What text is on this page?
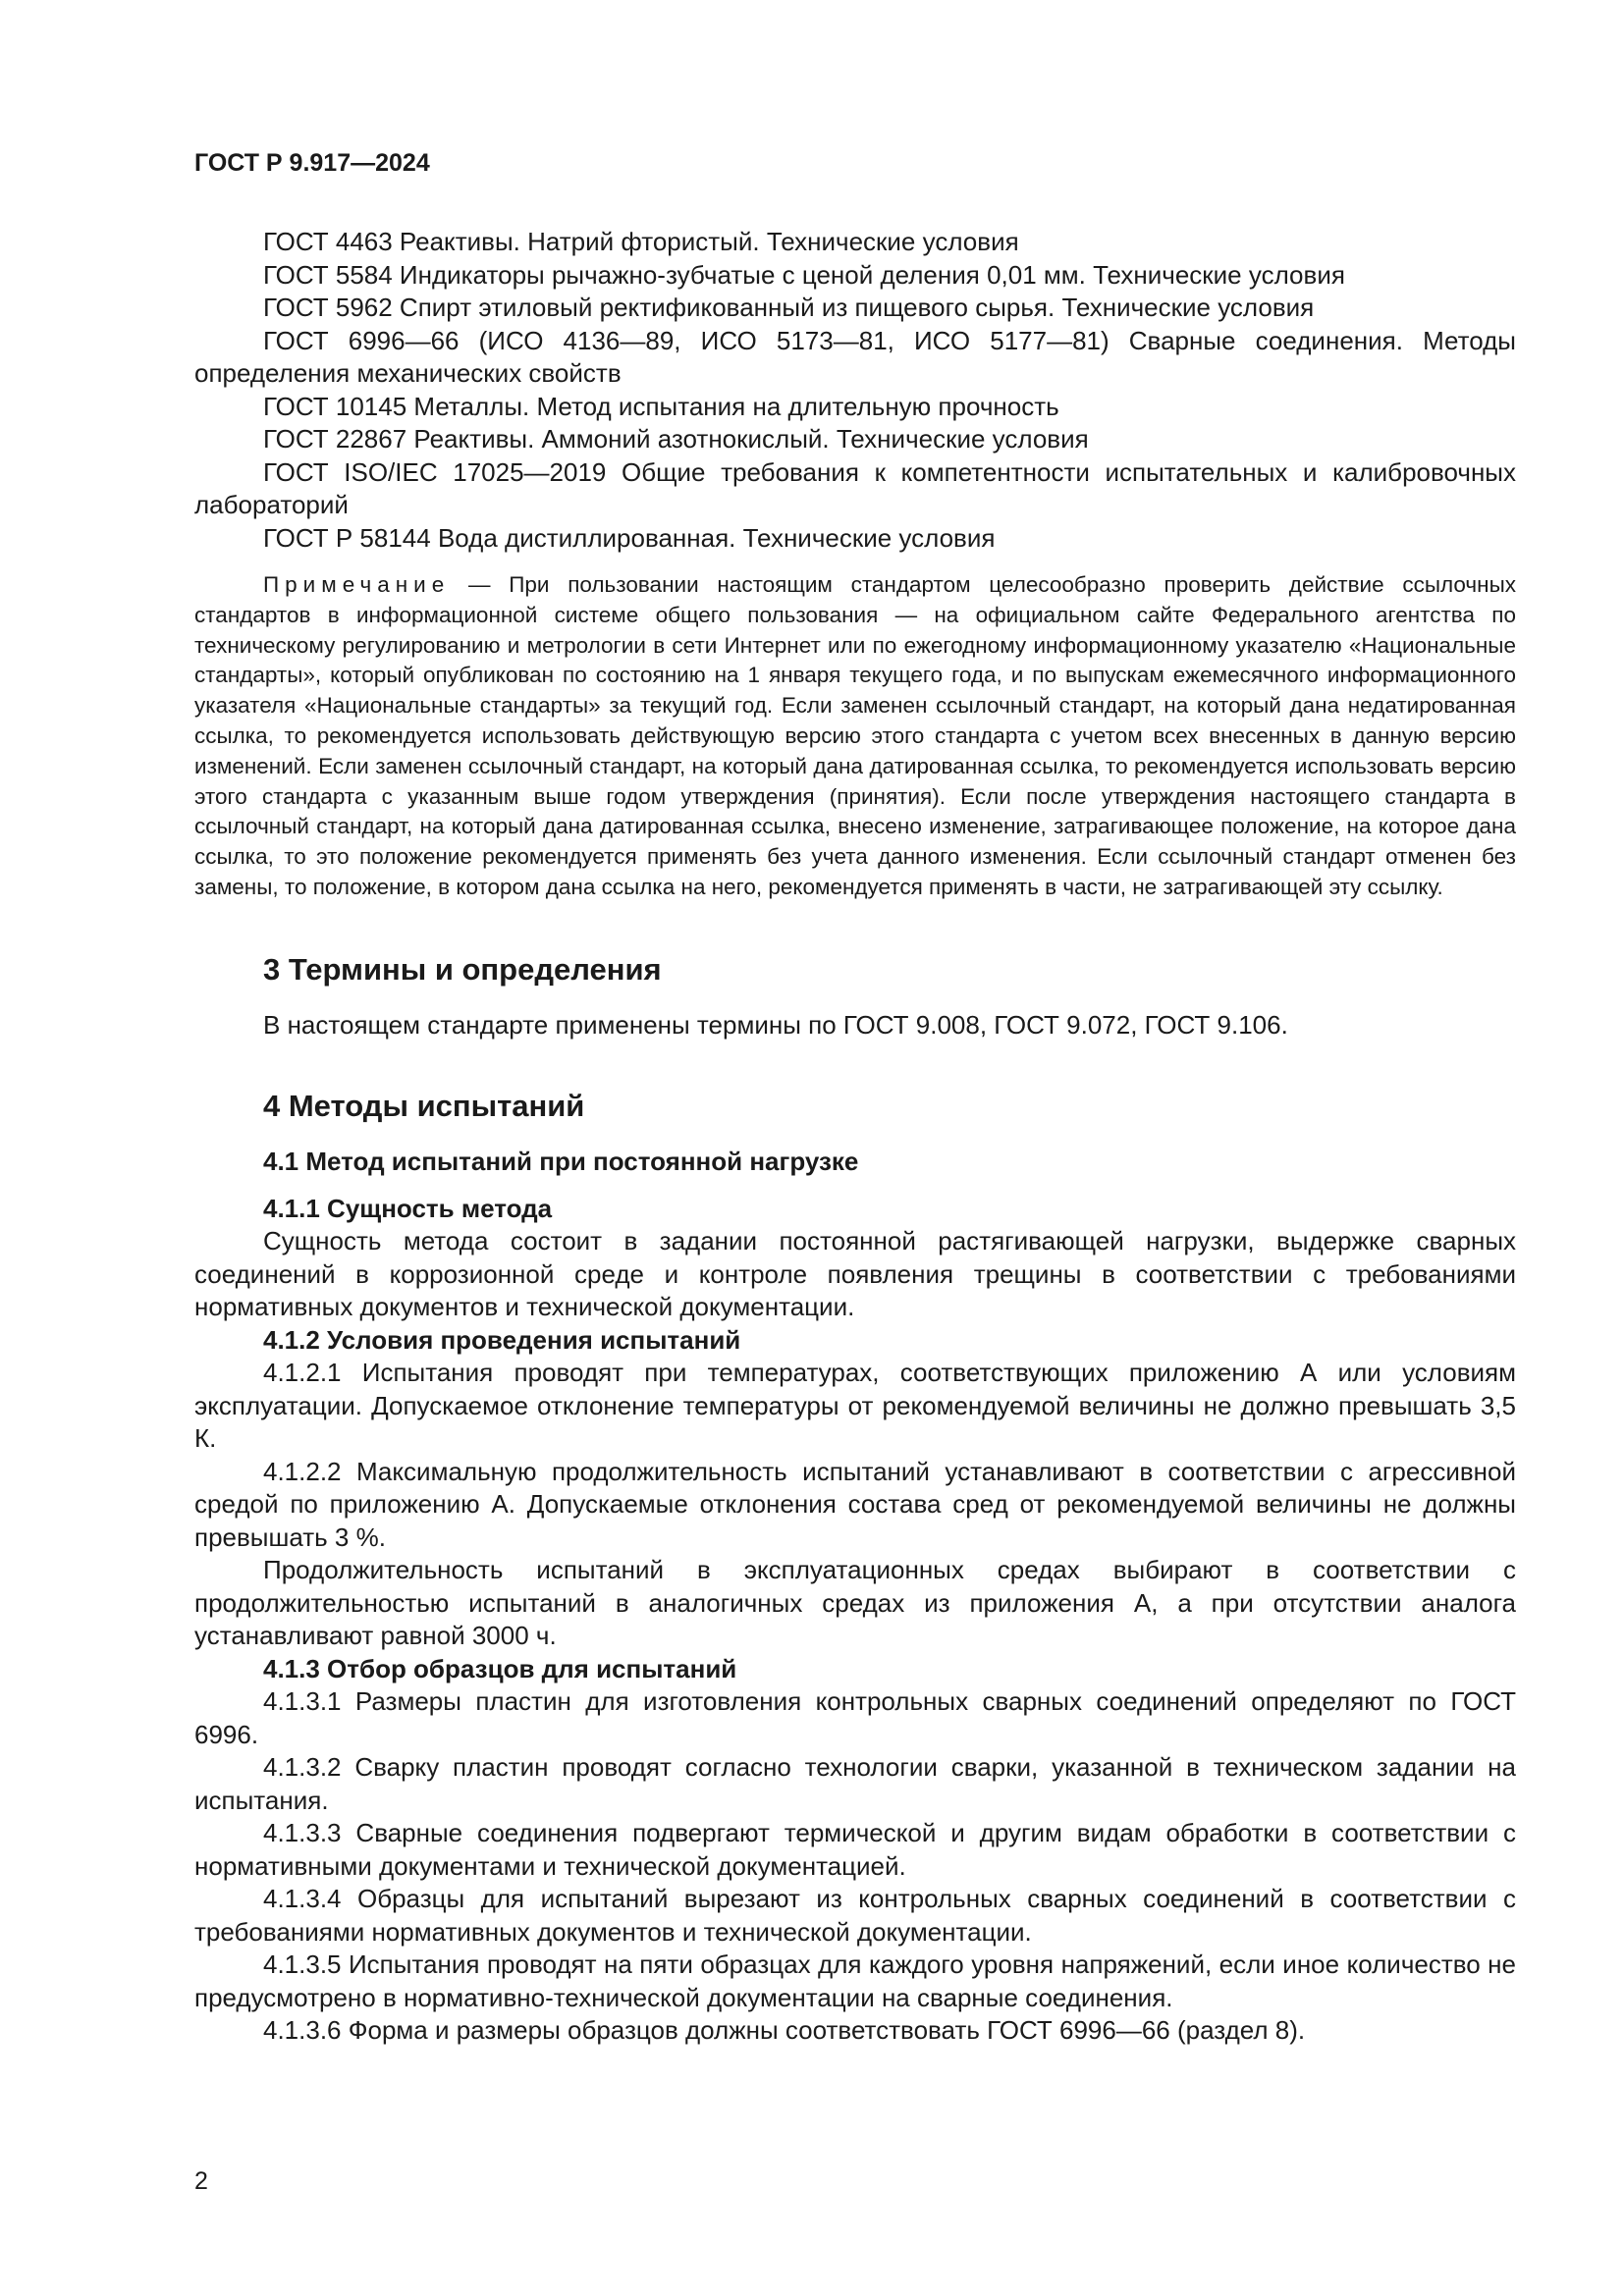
ГОСТ Р 9.917—2024

ГОСТ 4463 Реактивы. Натрий фтористый. Технические условия

ГОСТ 5584 Индикаторы рычажно-зубчатые с ценой деления 0,01 мм. Технические условия

ГОСТ 5962 Спирт этиловый ректификованный из пищевого сырья. Технические условия

ГОСТ 6996—66 (ИСО 4136—89, ИСО 5173—81, ИСО 5177—81) Сварные соединения. Методы определения механических свойств

ГОСТ 10145 Металлы. Метод испытания на длительную прочность

ГОСТ 22867 Реактивы. Аммоний азотнокислый. Технические условия

ГОСТ ISO/IEC 17025—2019 Общие требования к компетентности испытательных и калибровочных лабораторий

ГОСТ Р 58144 Вода дистиллированная. Технические условия

Примечание — При пользовании настоящим стандартом целесообразно проверить действие ссылочных стандартов в информационной системе общего пользования — на официальном сайте Федерального агентства по техническому регулированию и метрологии в сети Интернет или по ежегодному информационному указателю «Национальные стандарты», который опубликован по состоянию на 1 января текущего года, и по выпускам ежемесячного информационного указателя «Национальные стандарты» за текущий год. Если заменен ссылочный стандарт, на который дана недатированная ссылка, то рекомендуется использовать действующую версию этого стандарта с учетом всех внесенных в данную версию изменений. Если заменен ссылочный стандарт, на который дана датированная ссылка, то рекомендуется использовать версию этого стандарта с указанным выше годом утверждения (принятия). Если после утверждения настоящего стандарта в ссылочный стандарт, на который дана датированная ссылка, внесено изменение, затрагивающее положение, на которое дана ссылка, то это положение рекомендуется применять без учета данного изменения. Если ссылочный стандарт отменен без замены, то положение, в котором дана ссылка на него, рекомендуется применять в части, не затрагивающей эту ссылку.

3 Термины и определения

В настоящем стандарте применены термины по ГОСТ 9.008, ГОСТ 9.072, ГОСТ 9.106.

4 Методы испытаний
4.1 Метод испытаний при постоянной нагрузке
4.1.1 Сущность метода

Сущность метода состоит в задании постоянной растягивающей нагрузки, выдержке сварных соединений в коррозионной среде и контроле появления трещины в соответствии с требованиями нормативных документов и технической документации.

4.1.2 Условия проведения испытаний

4.1.2.1 Испытания проводят при температурах, соответствующих приложению А или условиям эксплуатации. Допускаемое отклонение температуры от рекомендуемой величины не должно превышать 3,5 К.

4.1.2.2 Максимальную продолжительность испытаний устанавливают в соответствии с агрессивной средой по приложению А. Допускаемые отклонения состава сред от рекомендуемой величины не должны превышать 3 %.

Продолжительность испытаний в эксплуатационных средах выбирают в соответствии с продолжительностью испытаний в аналогичных средах из приложения А, а при отсутствии аналога устанавливают равной 3000 ч.

4.1.3 Отбор образцов для испытаний

4.1.3.1 Размеры пластин для изготовления контрольных сварных соединений определяют по ГОСТ 6996.

4.1.3.2 Сварку пластин проводят согласно технологии сварки, указанной в техническом задании на испытания.

4.1.3.3 Сварные соединения подвергают термической и другим видам обработки в соответствии с нормативными документами и технической документацией.

4.1.3.4 Образцы для испытаний вырезают из контрольных сварных соединений в соответствии с требованиями нормативных документов и технической документации.

4.1.3.5 Испытания проводят на пяти образцах для каждого уровня напряжений, если иное количество не предусмотрено в нормативно-технической документации на сварные соединения.

4.1.3.6 Форма и размеры образцов должны соответствовать ГОСТ 6996—66 (раздел 8).

2
